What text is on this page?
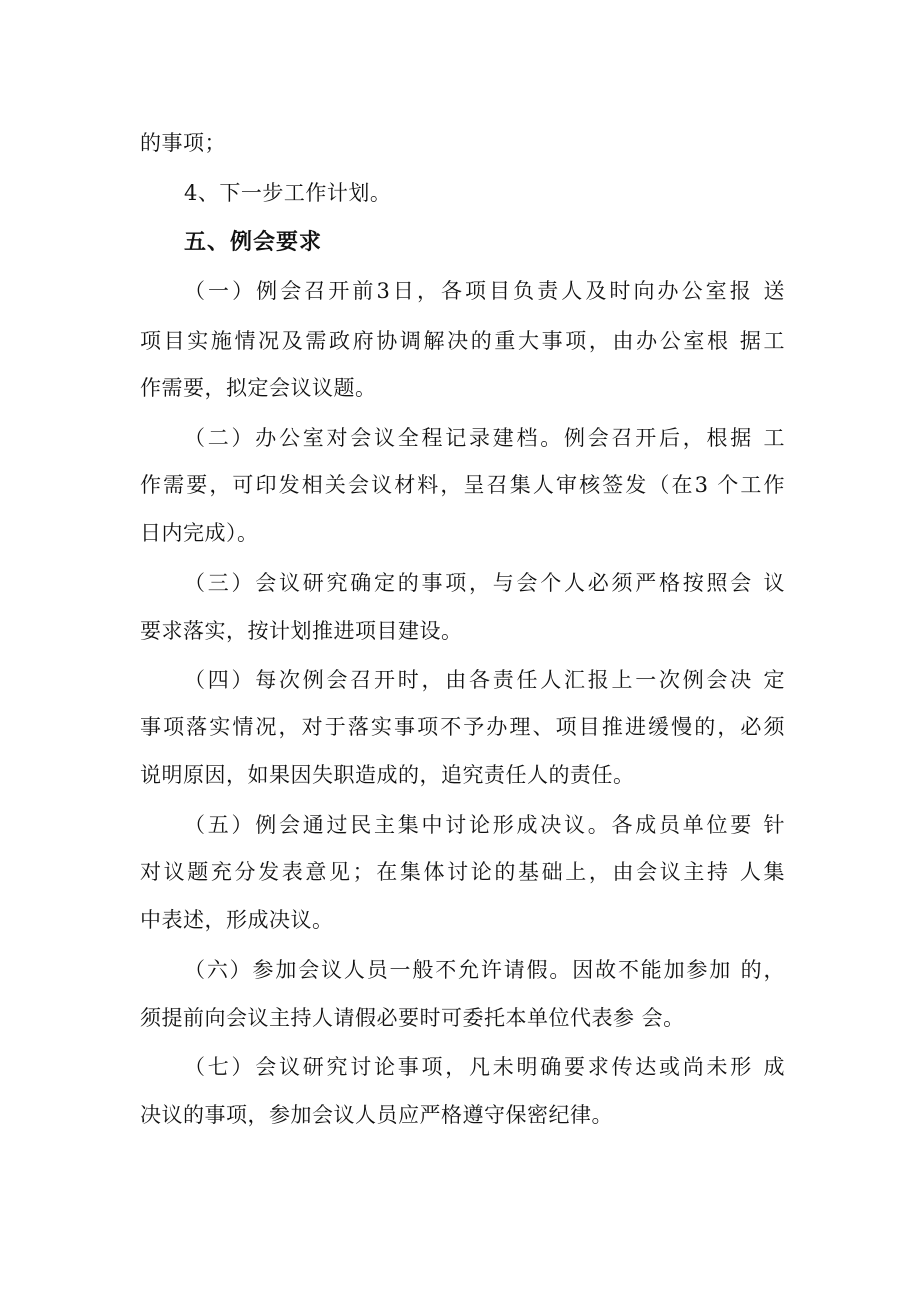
的事项；
4、下一步工作计划。
五、例会要求
（一）例会召开前3日，各项目负责人及时向办公室报 送
项目实施情况及需政府协调解决的重大事项，由办公室根 据工
作需要，拟定会议议题。
（二）办公室对会议全程记录建档。例会召开后，根据 工
作需要，可印发相关会议材料，呈召集人审核签发（在3 个工作
日内完成）。
（三）会议研究确定的事项，与会个人必须严格按照会 议
要求落实，按计划推进项目建设。
（四）每次例会召开时，由各责任人汇报上一次例会决 定
事项落实情况，对于落实事项不予办理、项目推进缓慢的，必须
说明原因，如果因失职造成的，追究责任人的责任。
（五）例会通过民主集中讨论形成决议。各成员单位要 针
对议题充分发表意见；在集体讨论的基础上，由会议主持 人集
中表述，形成决议。
（六）参加会议人员一般不允许请假。因故不能加参加 的，
须提前向会议主持人请假必要时可委托本单位代表参 会。
（七）会议研究讨论事项，凡未明确要求传达或尚未形 成
决议的事项，参加会议人员应严格遵守保密纪律。
